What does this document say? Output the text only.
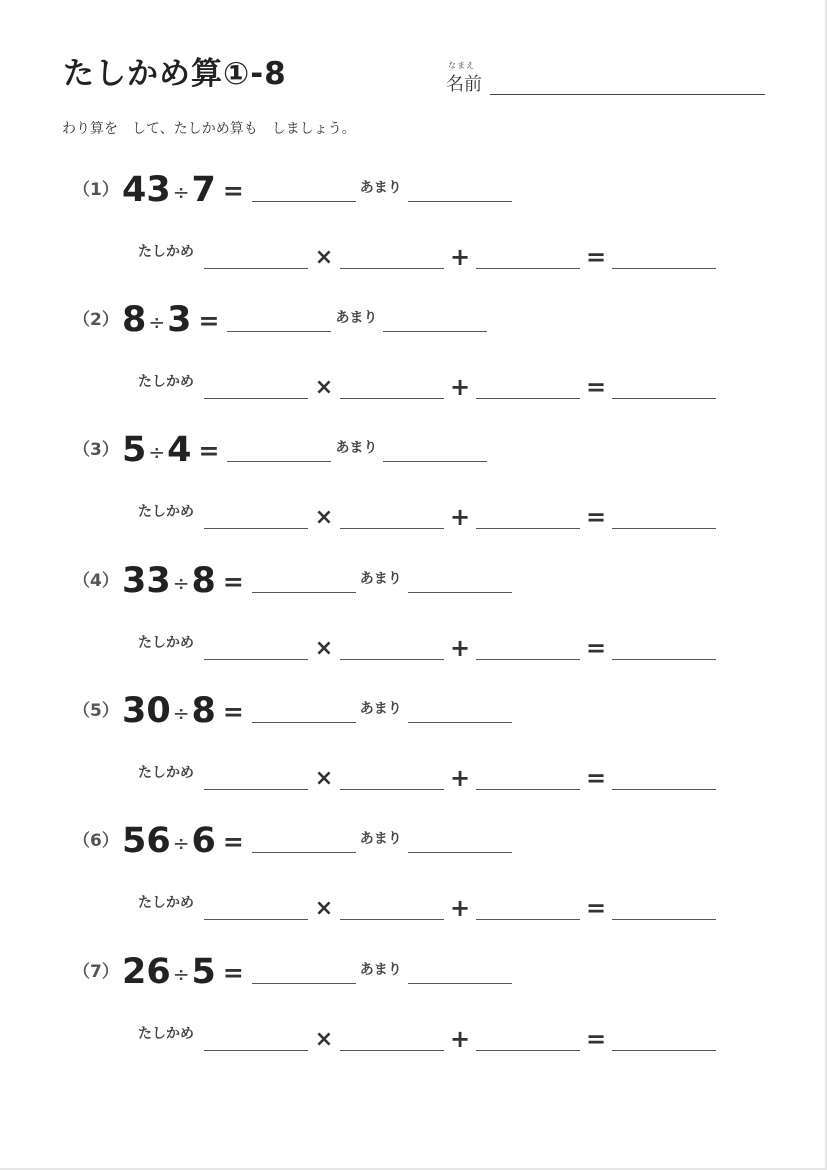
たしかめ算①-8	なまえ
名前
わり算を　して、たしかめ算も　しましょう。
（1） 43 ÷ 7 =	あまり
たしかめ	×	+	=
（2） 8 ÷ 3 =	あまり
たしかめ	×	+	=
（3） 5 ÷ 4 =	あまり
たしかめ	×	+	=
（4） 33 ÷ 8 =	あまり
たしかめ	×	+	=
（5） 30 ÷ 8 =	あまり
たしかめ	×	+	=
（6） 56 ÷ 6 =	あまり
たしかめ	×	+	=
（7） 26 ÷ 5 =	あまり
たしかめ	×	+	=
